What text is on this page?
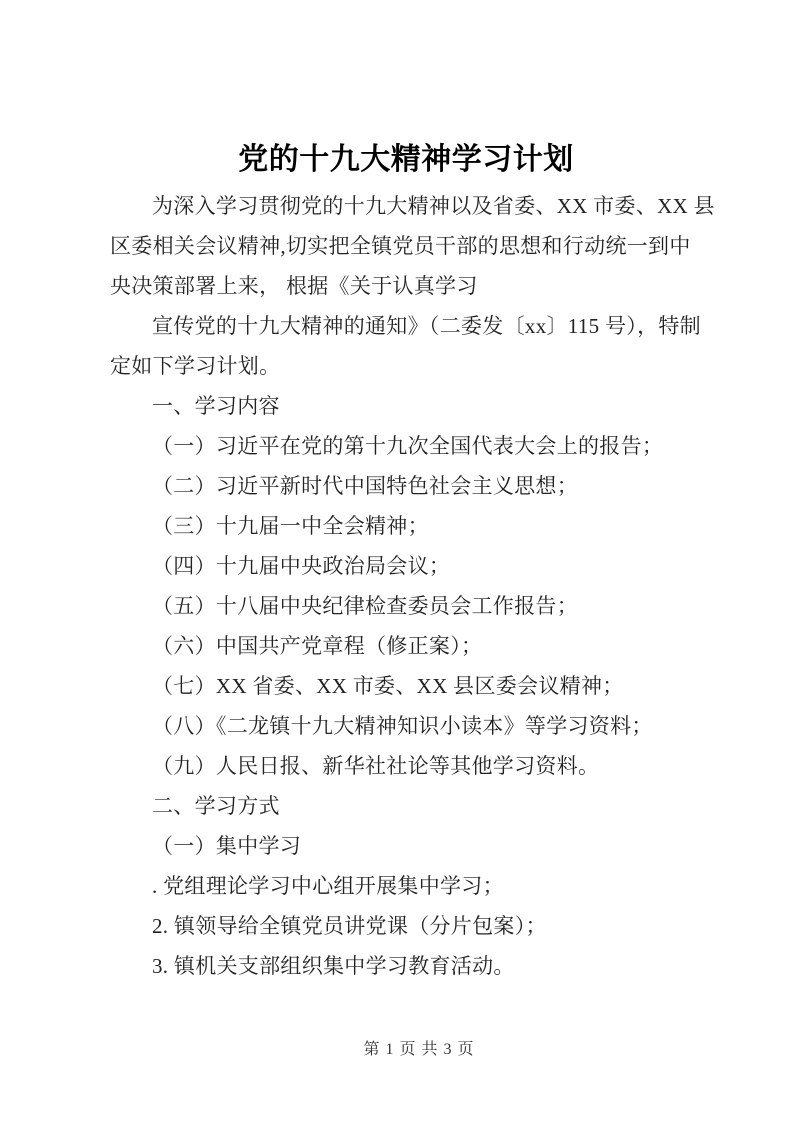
党的十九大精神学习计划
为深入学习贯彻党的十九大精神以及省委、XX 市委、XX 县
区委相关会议精神,切实把全镇党员干部的思想和行动统一到中
央决策部署上来， 根据《关于认真学习
宣传党的十九大精神的通知》（二委发〔xx〕115 号），特制
定如下学习计划。
一、学习内容
（一）习近平在党的第十九次全国代表大会上的报告；
（二）习近平新时代中国特色社会主义思想；
（三）十九届一中全会精神；
（四）十九届中央政治局会议；
（五）十八届中央纪律检查委员会工作报告；
（六）中国共产党章程（修正案）；
（七）XX 省委、XX 市委、XX 县区委会议精神；
（八）《二龙镇十九大精神知识小读本》等学习资料；
（九）人民日报、新华社社论等其他学习资料。
二、学习方式
（一）集中学习
. 党组理论学习中心组开展集中学习；
2. 镇领导给全镇党员讲党课（分片包案）；
3. 镇机关支部组织集中学习教育活动。
第 1 页 共 3 页
